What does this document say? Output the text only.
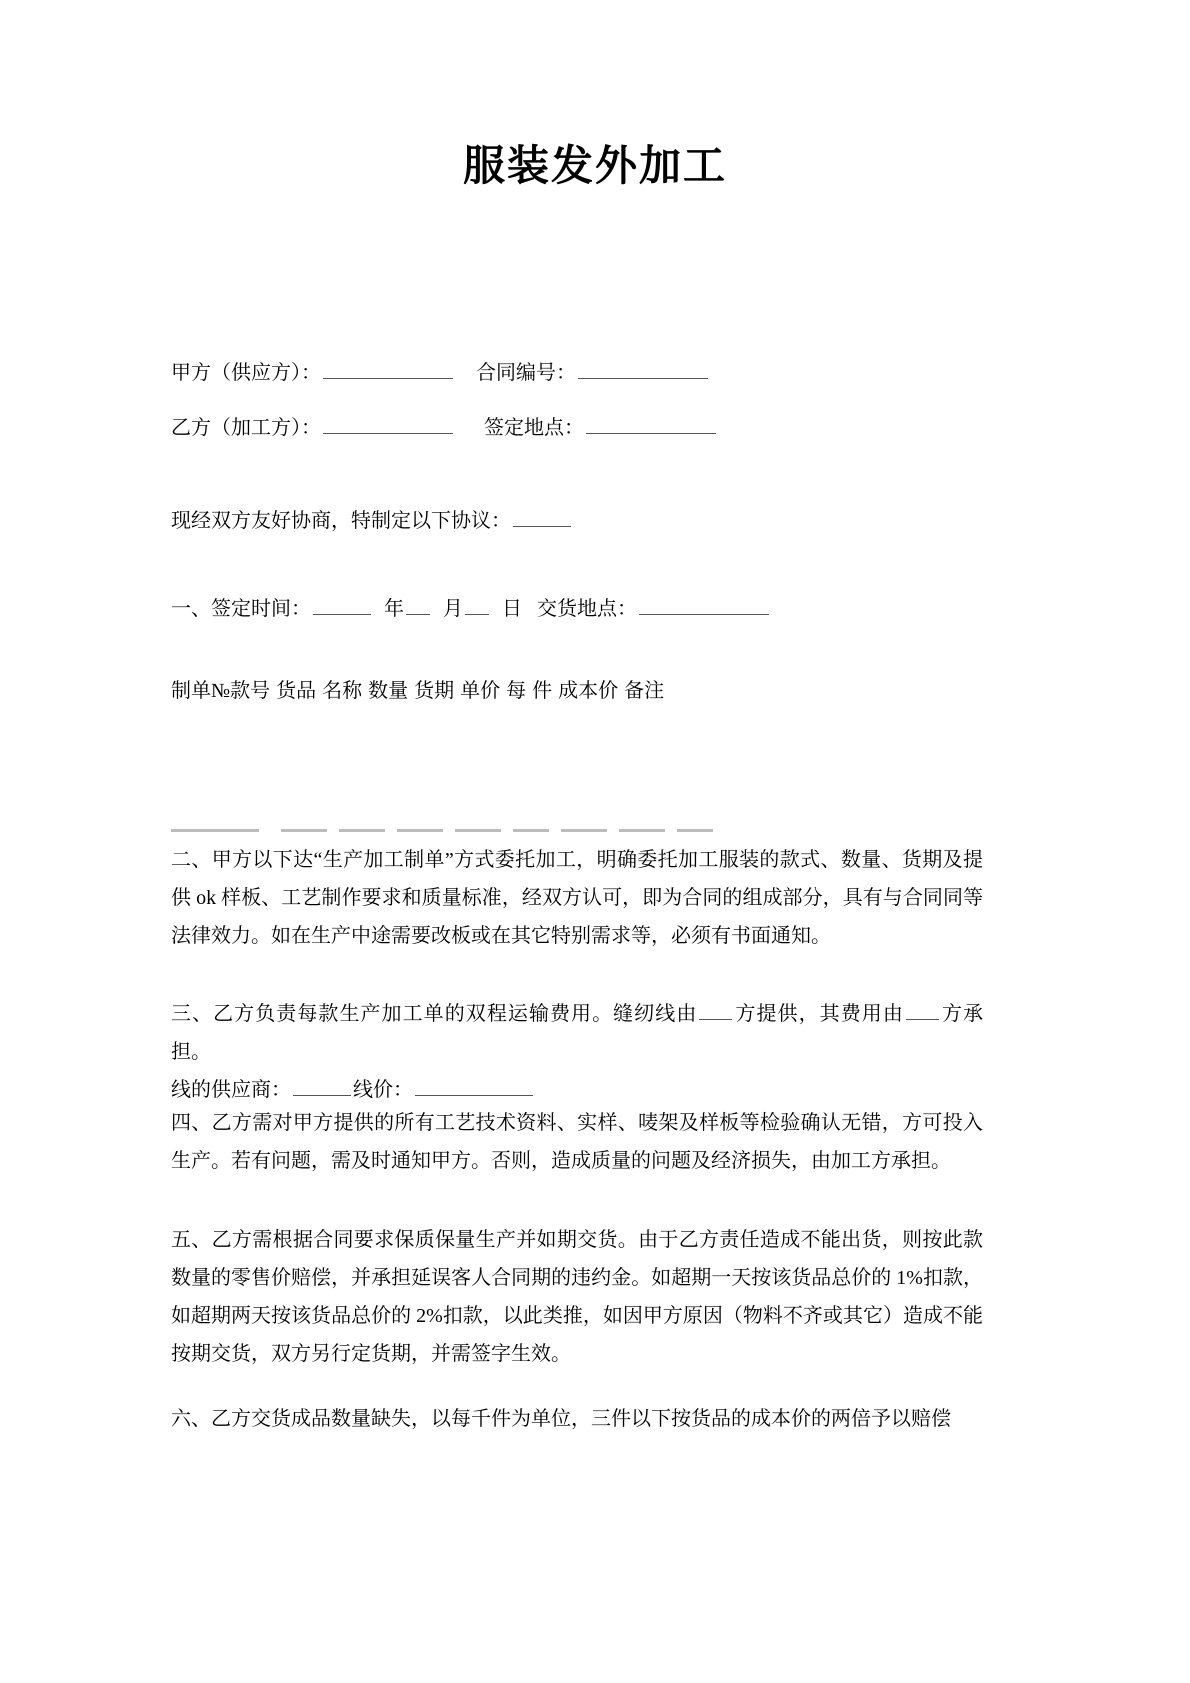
服装发外加工
甲方（供应方）：	合同编号：
乙方（加工方）：	签定地点：
现经双方友好协商，特制定以下协议：
一、签定时间：	年 月 日 交货地点：
制单№款号 货品 名称 数量 货期 单价 每 件 成本价 备注
二、甲方以下达“生产加工制单”方式委托加工，明确委托加工服装的款式、数量、货期及提供 ok 样板、工艺制作要求和质量标准，经双方认可，即为合同的组成部分，具有与合同同等法律效力。如在生产中途需要改板或在其它特别需求等，必须有书面通知。
三、乙方负责每款生产加工单的双程运输费用。缝纫线由 方提供，其费用由 方承担。
线的供应商：	线价：
四、乙方需对甲方提供的所有工艺技术资料、实样、唛架及样板等检验确认无错，方可投入生产。若有问题，需及时通知甲方。否则，造成质量的问题及经济损失，由加工方承担。
五、乙方需根据合同要求保质保量生产并如期交货。由于乙方责任造成不能出货，则按此款数量的零售价赔偿，并承担延误客人合同期的违约金。如超期一天按该货品总价的 1%扣款，如超期两天按该货品总价的 2%扣款，以此类推，如因甲方原因（物料不齐或其它）造成不能按期交货，双方另行定货期，并需签字生效。
六、乙方交货成品数量缺失，以每千件为单位，三件以下按货品的成本价的两倍予以赔偿
